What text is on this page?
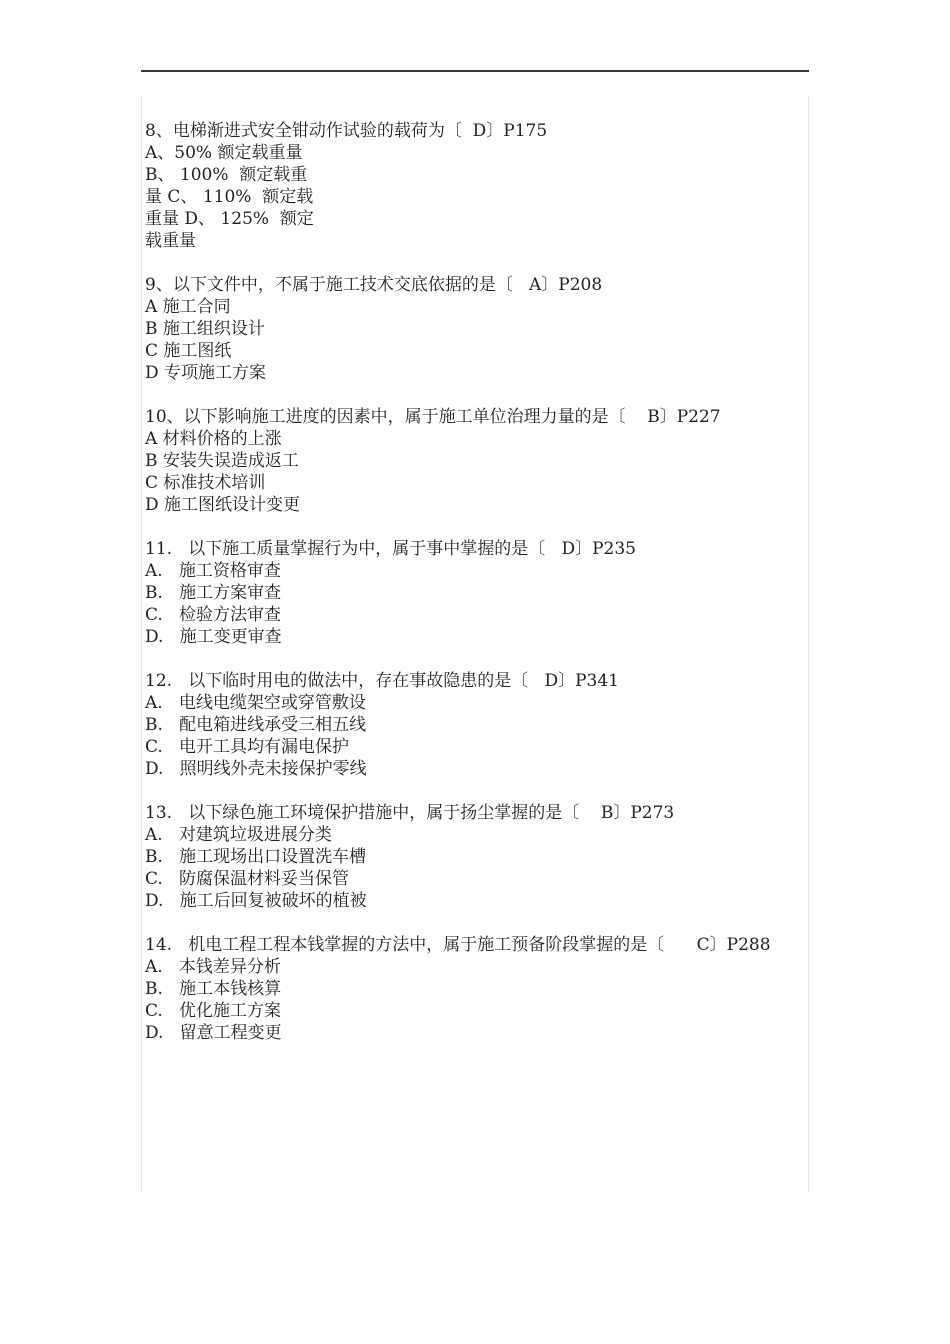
8、电梯渐进式安全钳动作试验的载荷为〔  D〕P175
A、50% 额定载重量
B、 100%  额定载重
量 C、 110%  额定载
重量 D、 125%  额定
载重量
9、以下文件中，不属于施工技术交底依据的是〔   A〕P208
A 施工合同
B 施工组织设计
C 施工图纸
D 专项施工方案
10、以下影响施工进度的因素中，属于施工单位治理力量的是〔    B〕P227
A 材料价格的上涨
B 安装失误造成返工
C 标准技术培训
D 施工图纸设计变更
11.   以下施工质量掌握行为中，属于事中掌握的是〔   D〕P235
A.   施工资格审查
B.   施工方案审查
C.   检验方法审查
D.   施工变更审查
12.   以下临时用电的做法中，存在事故隐患的是〔   D〕P341
A.   电线电缆架空或穿管敷设
B.   配电箱进线承受三相五线
C.   电开工具均有漏电保护
D.   照明线外壳未接保护零线
13.   以下绿色施工环境保护措施中，属于扬尘掌握的是〔    B〕P273
A.   对建筑垃圾进展分类
B.   施工现场出口设置洗车槽
C.   防腐保温材料妥当保管
D.   施工后回复被破坏的植被
14.   机电工程工程本钱掌握的方法中，属于施工预备阶段掌握的是〔      C〕P288
A.   本钱差异分析
B.   施工本钱核算
C.   优化施工方案
D.   留意工程变更
